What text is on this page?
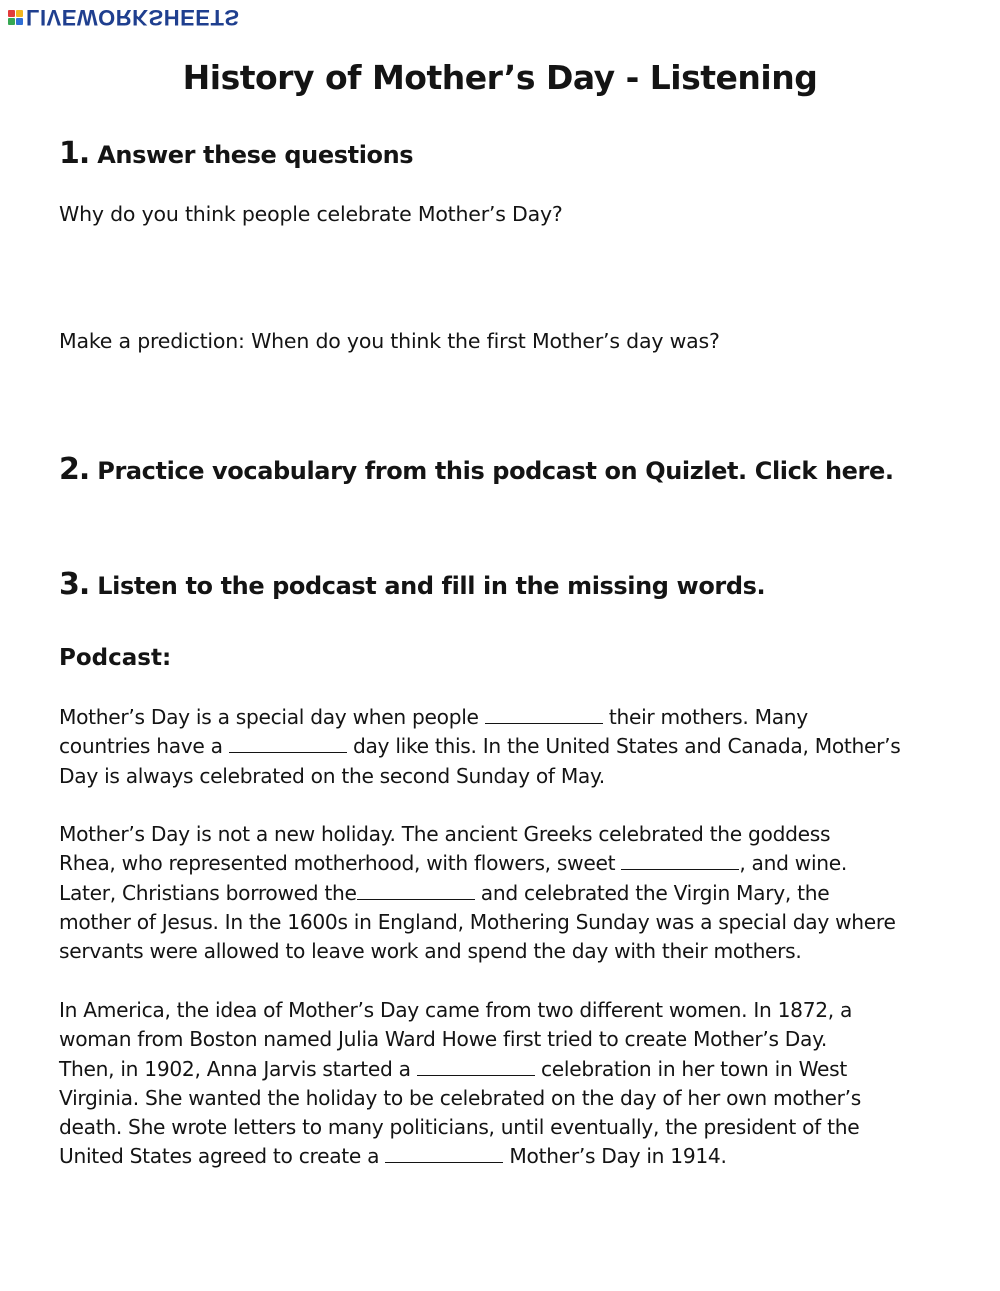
LIVEWORKSHEETS
History of Mother’s Day - Listening
1. Answer these questions

Why do you think people celebrate Mother’s Day?

Make a prediction: When do you think the first Mother’s day was?

2. Practice vocabulary from this podcast on Quizlet. Click here.
3. Listen to the podcast and fill in the missing words.

Podcast:

Mother’s Day is a special day when people	their mothers. Many
countries have a	day like this. In the United States and Canada, Mother’s
Day is always celebrated on the second Sunday of May.
Mother’s Day is not a new holiday. The ancient Greeks celebrated the goddess
Rhea, who represented motherhood, with flowers, sweet	, and wine.
Later, Christians borrowed the	and celebrated the Virgin Mary, the
mother of Jesus. In the 1600s in England, Mothering Sunday was a special day where
servants were allowed to leave work and spend the day with their mothers.
In America, the idea of Mother’s Day came from two different women. In 1872, a
woman from Boston named Julia Ward Howe first tried to create Mother’s Day.
Then, in 1902, Anna Jarvis started a	celebration in her town in West
Virginia. She wanted the holiday to be celebrated on the day of her own mother’s
death. She wrote letters to many politicians, until eventually, the president of the
United States agreed to create a	Mother’s Day in 1914.
